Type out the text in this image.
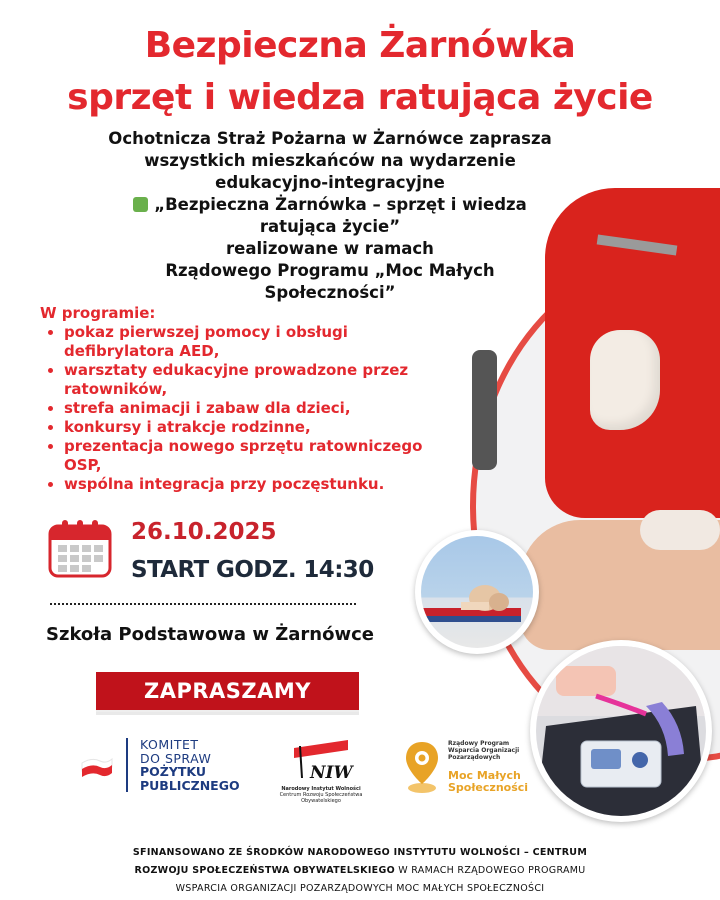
Bezpieczna Żarnówka
sprzęt i wiedza ratująca życie
Ochotnicza Straż Pożarna w Żarnówce zaprasza
wszystkich mieszkańców na wydarzenie
edukacyjno-integracyjne
„Bezpieczna Żarnówka – sprzęt i wiedza
ratująca życie”
realizowane w ramach
Rządowego Programu „Moc Małych
Społeczności”
W programie:
• pokaz pierwszej pomocy i obsługi defibrylatora AED,
• warsztaty edukacyjne prowadzone przez ratowników,
• strefa animacji i zabaw dla dzieci,
• konkursy i atrakcje rodzinne,
• prezentacja nowego sprzętu ratowniczego OSP,
• wspólna integracja przy poczęstunku.
26.10.2025
START GODZ. 14:30
Szkoła Podstawowa w Żarnówce
ZAPRASZAMY
KOMITET
DO SPRAW
POŻYTKU
PUBLICZNEGO
NIW
Narodowy Instytut Wolności
Centrum Rozwoju Społeczeństwa Obywatelskiego
Rządowy Program
Wsparcia Organizacji
Pozarządowych
Moc Małych
Społeczności
SFINANSOWANO ZE ŚRODKÓW NARODOWEGO INSTYTUTU WOLNOŚCI – CENTRUM
ROZWOJU SPOŁECZEŃSTWA OBYWATELSKIEGO W RAMACH RZĄDOWEGO PROGRAMU
WSPARCIA ORGANIZACJI POZARZĄDOWYCH MOC MAŁYCH SPOŁECZNOŚCI
